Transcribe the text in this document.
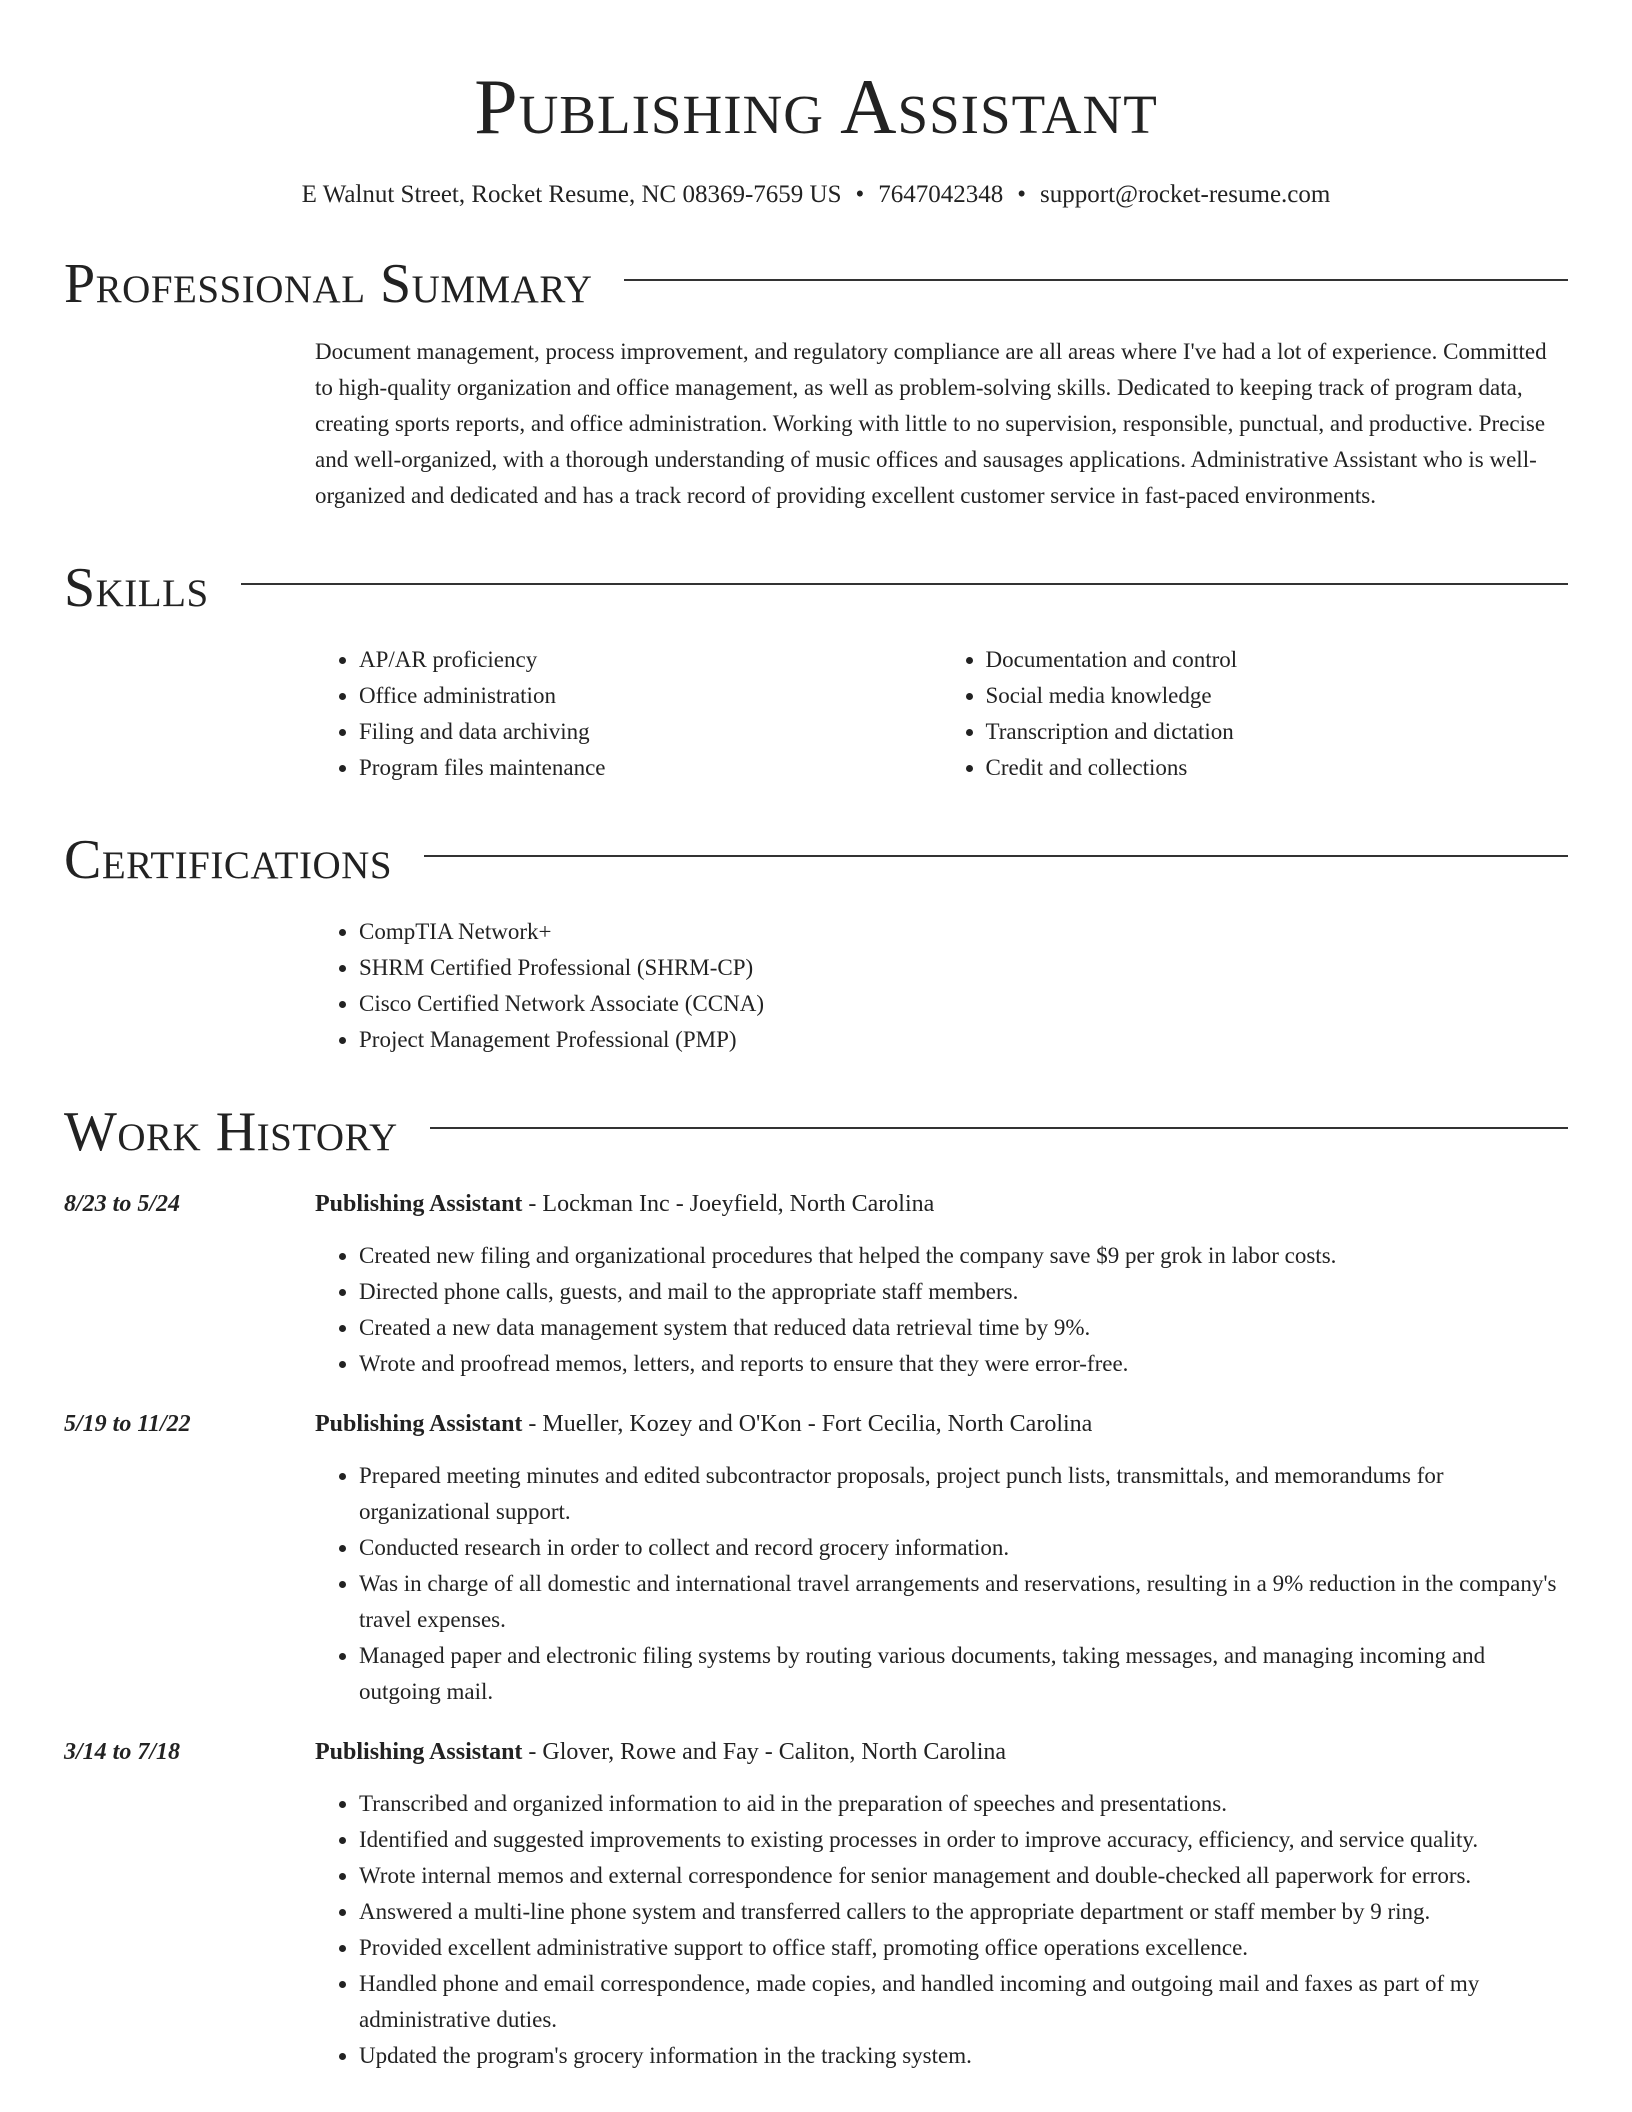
Publishing Assistant
E Walnut Street, Rocket Resume, NC 08369-7659 US • 7647042348 • support@rocket-resume.com
Professional Summary
Document management, process improvement, and regulatory compliance are all areas where I've had a lot of experience. Committed to high-quality organization and office management, as well as problem-solving skills. Dedicated to keeping track of program data, creating sports reports, and office administration. Working with little to no supervision, responsible, punctual, and productive. Precise and well-organized, with a thorough understanding of music offices and sausages applications. Administrative Assistant who is well-organized and dedicated and has a track record of providing excellent customer service in fast-paced environments.
Skills
• AP/AR proficiency
• Office administration
• Filing and data archiving
• Program files maintenance
• Documentation and control
• Social media knowledge
• Transcription and dictation
• Credit and collections
Certifications
• CompTIA Network+
• SHRM Certified Professional (SHRM-CP)
• Cisco Certified Network Associate (CCNA)
• Project Management Professional (PMP)
Work History
8/23 to 5/24	Publishing Assistant - Lockman Inc - Joeyfield, North Carolina
• Created new filing and organizational procedures that helped the company save $9 per grok in labor costs.
• Directed phone calls, guests, and mail to the appropriate staff members.
• Created a new data management system that reduced data retrieval time by 9%.
• Wrote and proofread memos, letters, and reports to ensure that they were error-free.
5/19 to 11/22	Publishing Assistant - Mueller, Kozey and O'Kon - Fort Cecilia, North Carolina
• Prepared meeting minutes and edited subcontractor proposals, project punch lists, transmittals, and memorandums for organizational support.
• Conducted research in order to collect and record grocery information.
• Was in charge of all domestic and international travel arrangements and reservations, resulting in a 9% reduction in the company's travel expenses.
• Managed paper and electronic filing systems by routing various documents, taking messages, and managing incoming and outgoing mail.
3/14 to 7/18	Publishing Assistant - Glover, Rowe and Fay - Caliton, North Carolina
• Transcribed and organized information to aid in the preparation of speeches and presentations.
• Identified and suggested improvements to existing processes in order to improve accuracy, efficiency, and service quality.
• Wrote internal memos and external correspondence for senior management and double-checked all paperwork for errors.
• Answered a multi-line phone system and transferred callers to the appropriate department or staff member by 9 ring.
• Provided excellent administrative support to office staff, promoting office operations excellence.
• Handled phone and email correspondence, made copies, and handled incoming and outgoing mail and faxes as part of my administrative duties.
• Updated the program's grocery information in the tracking system.
